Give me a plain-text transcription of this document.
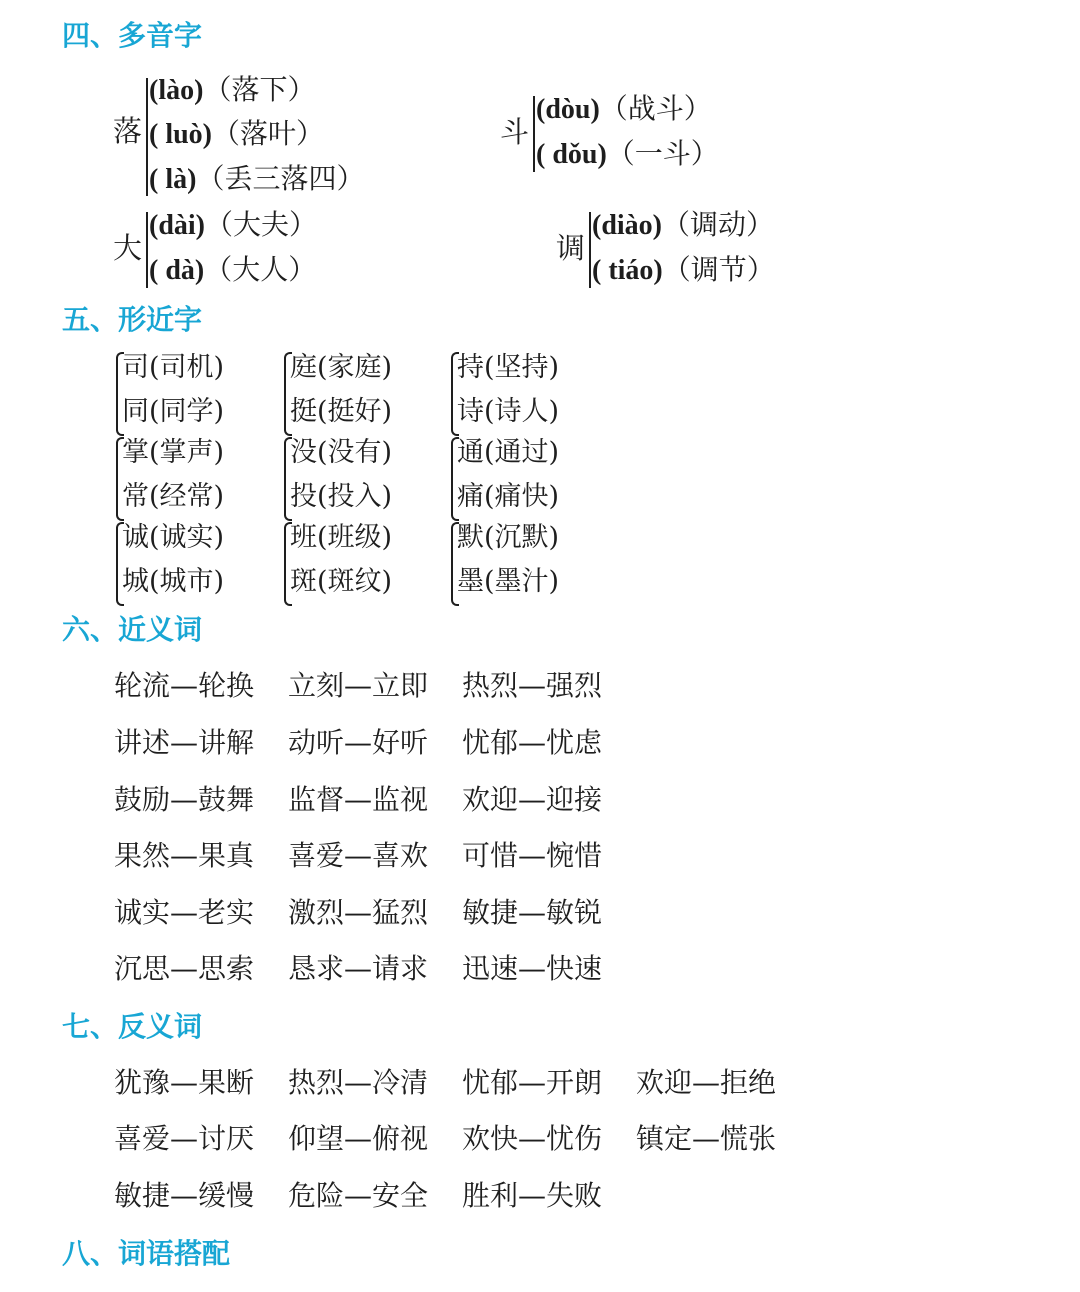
四、多音字
五、形近字
六、近义词
七、反义词
八、词语搭配
落
(lào)（落下）
( luò)（落叶）
( là)（丢三落四）
斗
(dòu)（战斗）
( dǒu)（一斗）
大
(dài)（大夫）
( dà)（大人）
调
(diào)（调动）
( tiáo)（调节）
司(司机)
同(同学)
庭(家庭)
挺(挺好)
持(坚持)
诗(诗人)
掌(掌声)
常(经常)
没(没有)
投(投入)
通(通过)
痛(痛快)
诚(诚实)
城(城市)
班(班级)
斑(斑纹)
默(沉默)
墨(墨汁)
轮流—轮换 立刻—立即 热烈—强烈
讲述—讲解 动听—好听 忧郁—忧虑
鼓励—鼓舞 监督—监视 欢迎—迎接
果然—果真 喜爱—喜欢 可惜—惋惜
诚实—老实 激烈—猛烈 敏捷—敏锐
沉思—思索 恳求—请求 迅速—快速
犹豫—果断 热烈—冷清 忧郁—开朗 欢迎—拒绝
喜爱—讨厌 仰望—俯视 欢快—忧伤 镇定—慌张
敏捷—缓慢 危险—安全 胜利—失败
